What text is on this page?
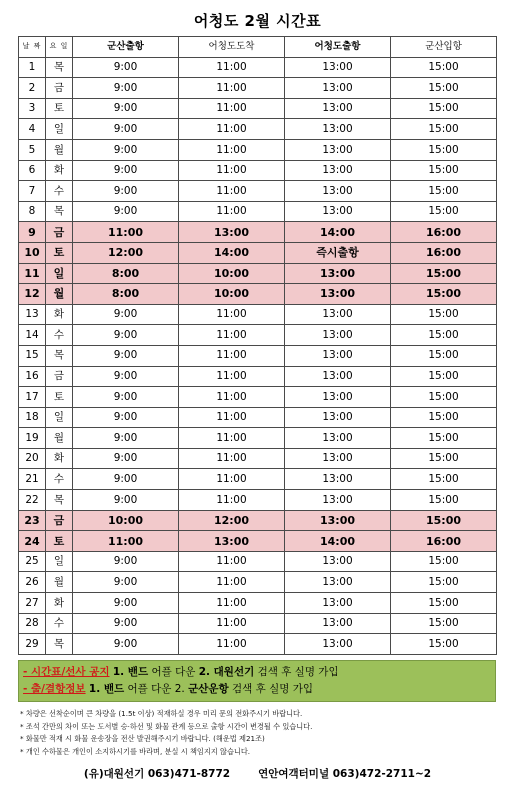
어청도 2월 시간표
날 짜	요 일	군산출항	어청도도착	어청도출항	군산입항
1	목	9:00	11:00	13:00	15:00
2	금	9:00	11:00	13:00	15:00
3	토	9:00	11:00	13:00	15:00
4	일	9:00	11:00	13:00	15:00
5	월	9:00	11:00	13:00	15:00
6	화	9:00	11:00	13:00	15:00
7	수	9:00	11:00	13:00	15:00
8	목	9:00	11:00	13:00	15:00
9	금	11:00	13:00	14:00	16:00
10	토	12:00	14:00	즉시출항	16:00
11	일	8:00	10:00	13:00	15:00
12	월	8:00	10:00	13:00	15:00
13	화	9:00	11:00	13:00	15:00
14	수	9:00	11:00	13:00	15:00
15	목	9:00	11:00	13:00	15:00
16	금	9:00	11:00	13:00	15:00
17	토	9:00	11:00	13:00	15:00
18	일	9:00	11:00	13:00	15:00
19	월	9:00	11:00	13:00	15:00
20	화	9:00	11:00	13:00	15:00
21	수	9:00	11:00	13:00	15:00
22	목	9:00	11:00	13:00	15:00
23	금	10:00	12:00	13:00	15:00
24	토	11:00	13:00	14:00	16:00
25	일	9:00	11:00	13:00	15:00
26	월	9:00	11:00	13:00	15:00
27	화	9:00	11:00	13:00	15:00
28	수	9:00	11:00	13:00	15:00
29	목	9:00	11:00	13:00	15:00
- 시간표/선사 공지 1. 밴드 어플 다운 2. 대원선기 검색 후 실명 가입
- 출/결항정보 1. 밴드 어플 다운 2. 군산운항 검색 후 실명 가입
* 차량은 선착순이며 큰 차량을 (1.5t 이상) 적재하실 경우 미리 문의 전화주시기 바랍니다.
* 조석 간만의 차이 또는 도서별 승·하선 및 화물 관계 등으로 출항 시간이 변경될 수 있습니다.
* 화물만 적재 시 화물 운송장을 전산 발권해주시기 바랍니다. (해운법 제21조)
* 개인 수하물은 개인이 소지하시기를 바라며, 분실 시 책임지지 않습니다.
(유)대원선기 063)471-8772	연안여객터미널 063)472-2711~2
